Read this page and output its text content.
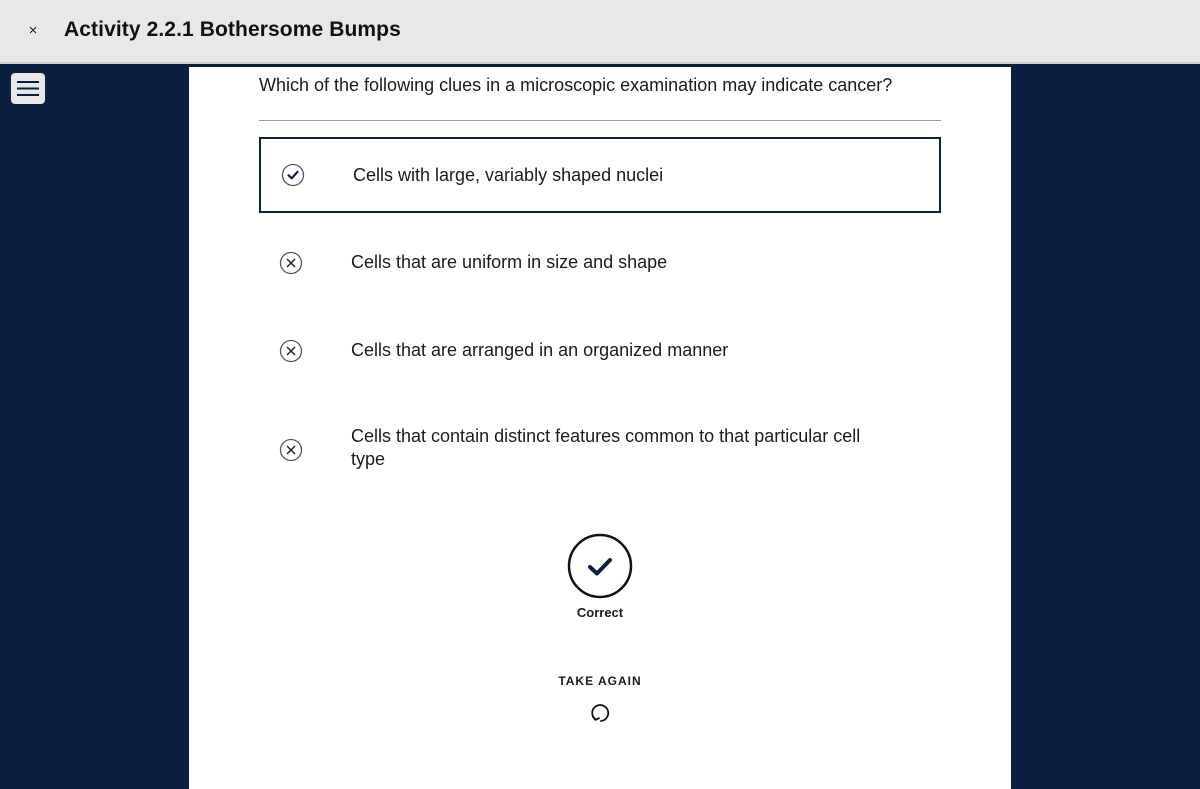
×	Activity 2.2.1 Bothersome Bumps
Which of the following clues in a microscopic examination may indicate cancer?
Cells with large, variably shaped nuclei
Cells that are uniform in size and shape
Cells that are arranged in an organized manner
Cells that contain distinct features common to that particular cell type
Correct
TAKE AGAIN
